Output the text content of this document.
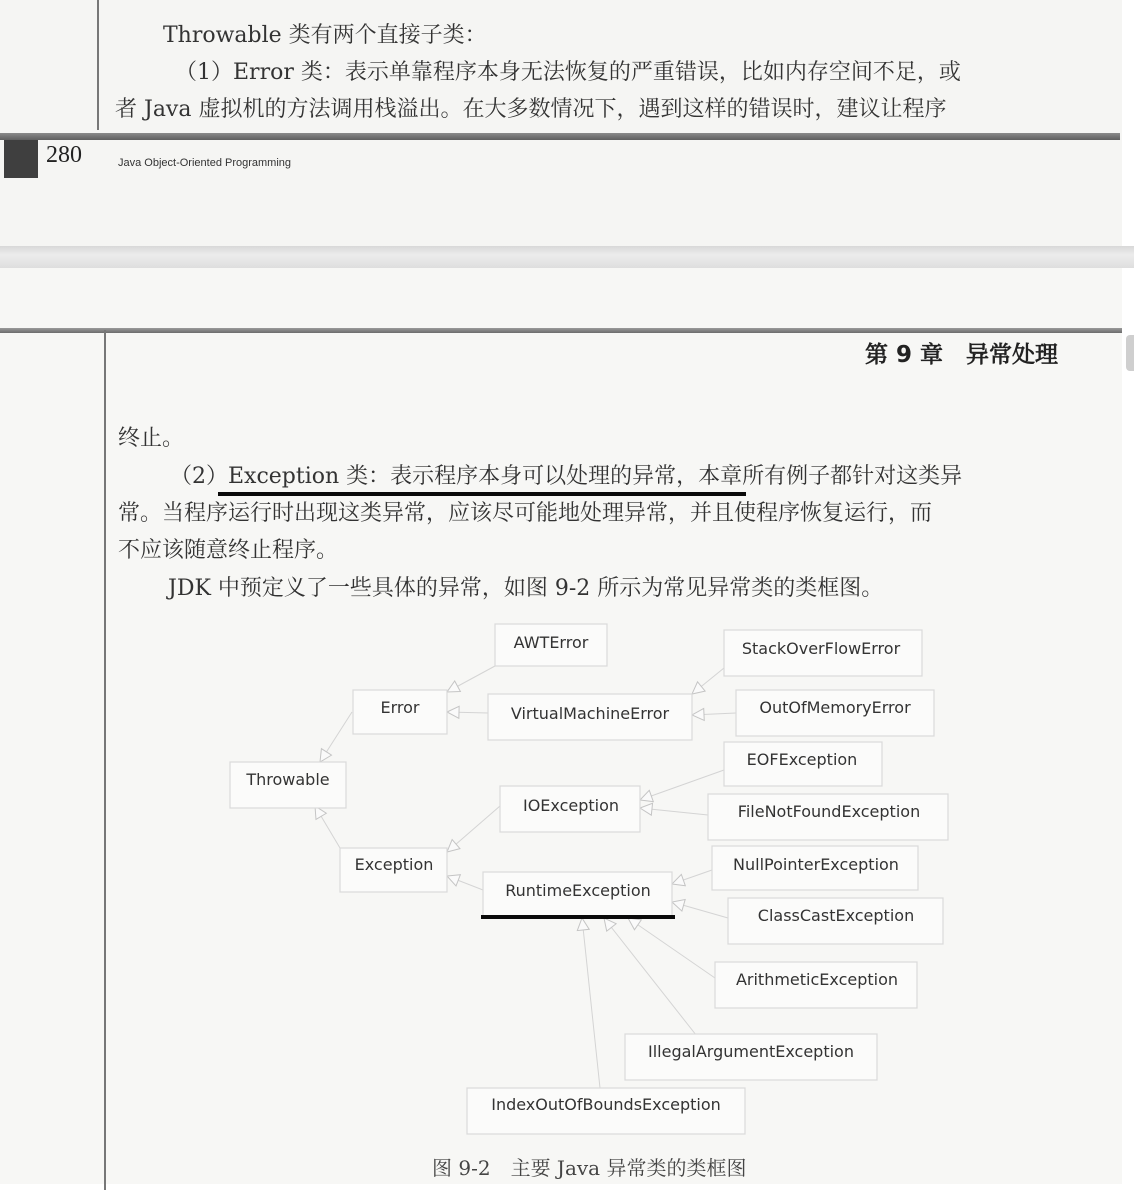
Throwable 类有两个直接子类：
（1）Error 类：表示单靠程序本身无法恢复的严重错误，比如内存空间不足，或
者 Java 虚拟机的方法调用栈溢出。在大多数情况下，遇到这样的错误时，建议让程序
280	Java Object-Oriented Programming
第 9 章　异常处理
终止。
（2）Exception 类：表示程序本身可以处理的异常，本章所有例子都针对这类异
常。当程序运行时出现这类异常，应该尽可能地处理异常，并且使程序恢复运行，而
不应该随意终止程序。
JDK 中预定义了一些具体的异常，如图 9-2 所示为常见异常类的类框图。
AWTError	StackOverFlowError
Error	VirtualMachineError	OutOfMemoryError
EOFException
Throwable
IOException	FileNotFoundException
NullPointerException
Exception
RuntimeException
ClassCastException
ArithmeticException
IllegalArgumentException
IndexOutOfBoundsException
图 9-2　主要 Java 异常类的类框图
